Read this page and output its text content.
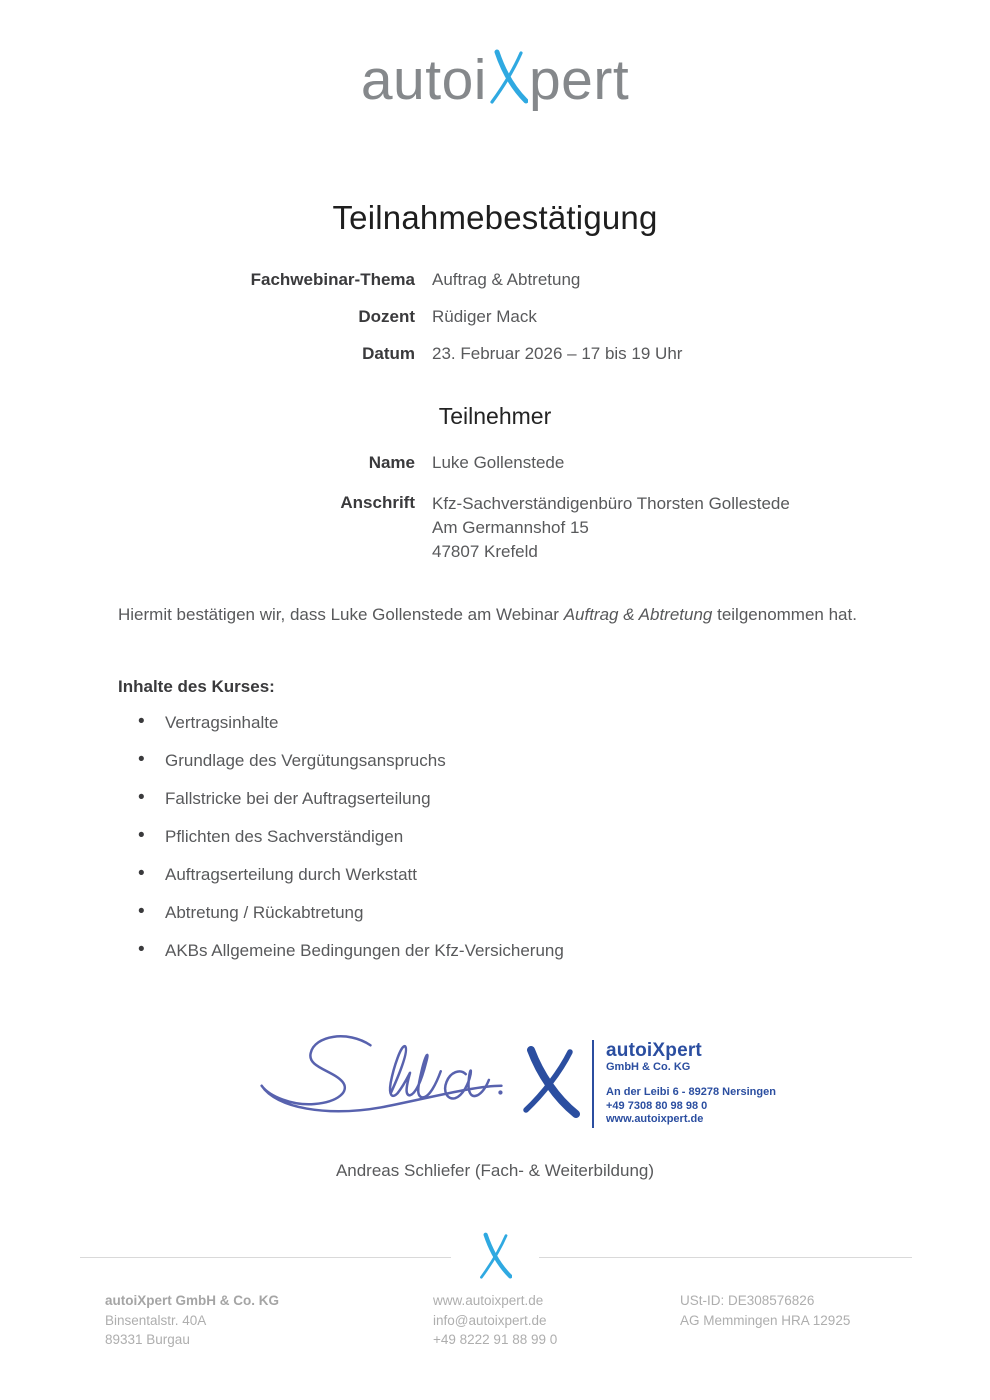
autoi pert
Teilnahmebestätigung
Fachwebinar-Thema Auftrag & Abtretung
Dozent Rüdiger Mack
Datum 23. Februar 2026 – 17 bis 19 Uhr
Teilnehmer
Name Luke Gollenstede
Anschrift Kfz-Sachverständigenbüro Thorsten Gollestede
Am Germannshof 15
47807 Krefeld
Hiermit bestätigen wir, dass Luke Gollenstede am Webinar Auftrag & Abtretung teilgenommen hat.
Inhalte des Kurses:
• Vertragsinhalte
• Grundlage des Vergütungsanspruchs
• Fallstricke bei der Auftragserteilung
• Pflichten des Sachverständigen
• Auftragserteilung durch Werkstatt
• Abtretung / Rückabtretung
• AKBs Allgemeine Bedingungen der Kfz-Versicherung
autoiXpert
GmbH & Co. KG
An der Leibi 6 - 89278 Nersingen
+49 7308 80 98 98 0
www.autoixpert.de
Andreas Schliefer (Fach- & Weiterbildung)
autoiXpert GmbH & Co. KG
Binsentalstr. 40A
89331 Burgau
www.autoixpert.de
info@autoixpert.de
+49 8222 91 88 99 0
USt-ID: DE308576826
AG Memmingen HRA 12925
